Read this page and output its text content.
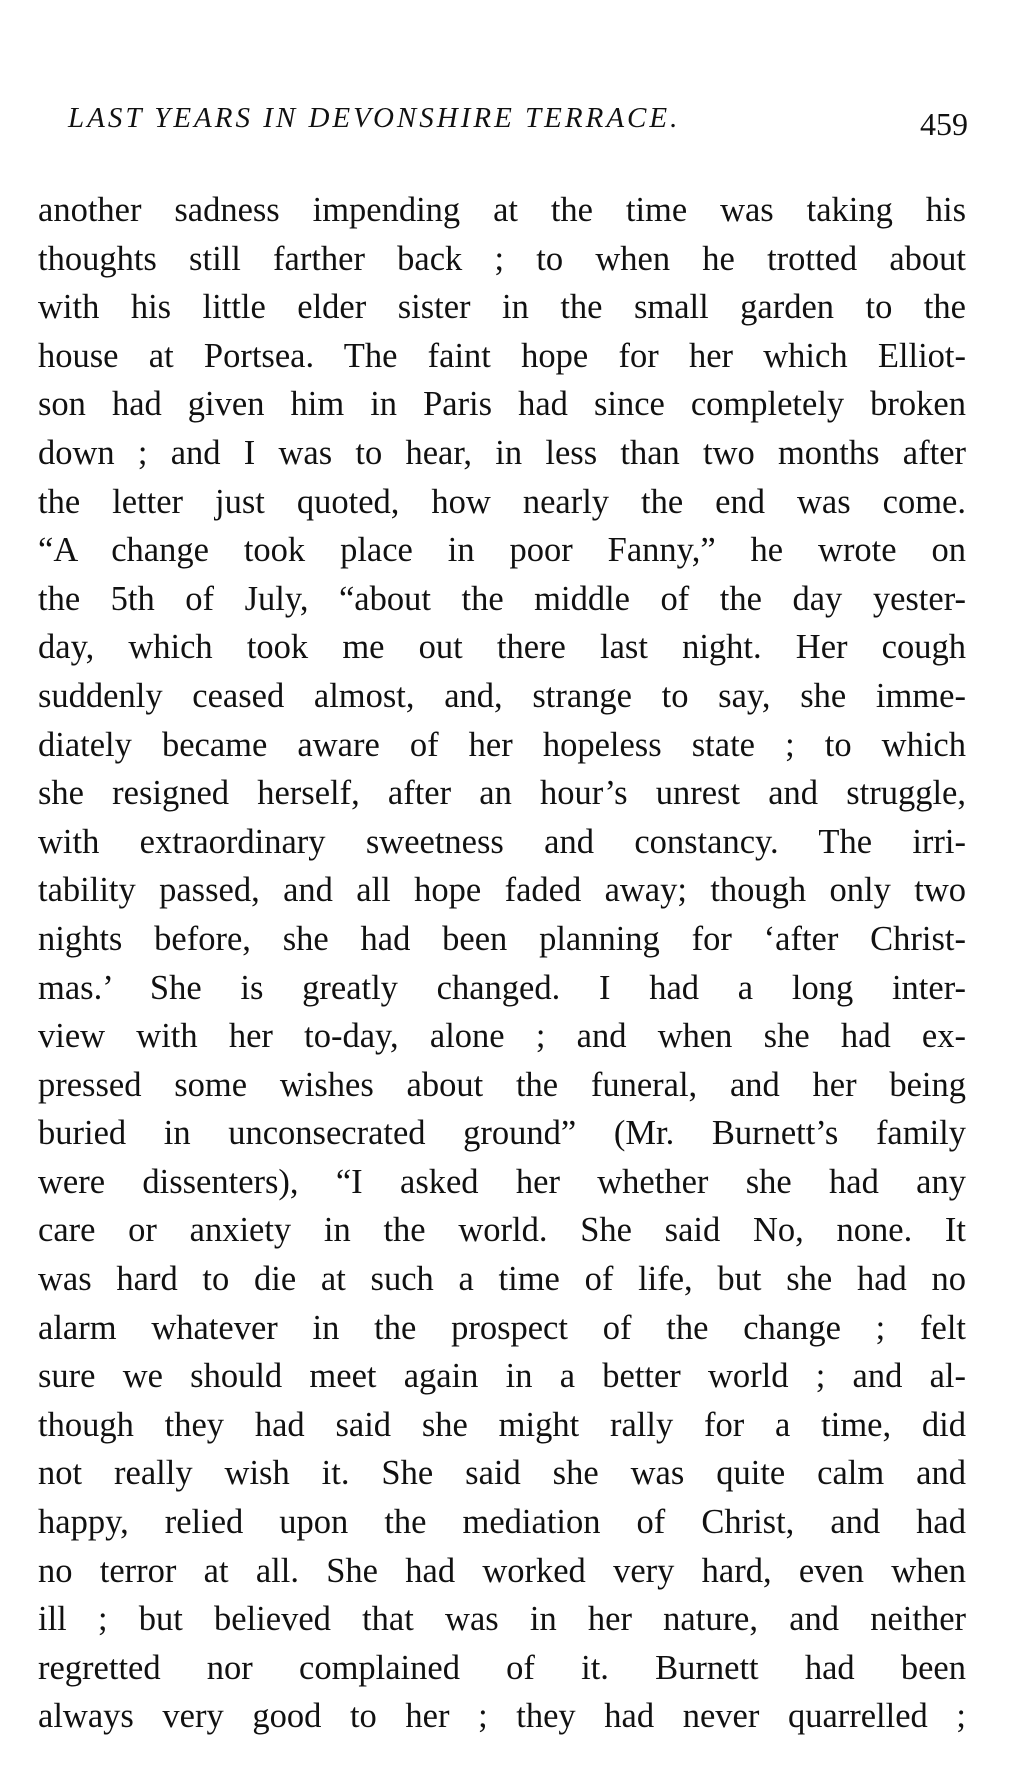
LAST YEARS IN DEVONSHIRE TERRACE.	459
another sadness impending at the time was taking his
thoughts still farther back ; to when he trotted about
with his little elder sister in the small garden to the
house at Portsea. The faint hope for her which Elliot-
son had given him in Paris had since completely broken
down ; and I was to hear, in less than two months after
the letter just quoted, how nearly the end was come.
“A change took place in poor Fanny,” he wrote on
the 5th of July, “about the middle of the day yester-
day, which took me out there last night. Her cough
suddenly ceased almost, and, strange to say, she imme-
diately became aware of her hopeless state ; to which
she resigned herself, after an hour’s unrest and struggle,
with extraordinary sweetness and constancy. The irri-
tability passed, and all hope faded away; though only two
nights before, she had been planning for ‘after Christ-
mas.’ She is greatly changed. I had a long inter-
view with her to-day, alone ; and when she had ex-
pressed some wishes about the funeral, and her being
buried in unconsecrated ground” (Mr. Burnett’s family
were dissenters), “I asked her whether she had any
care or anxiety in the world. She said No, none. It
was hard to die at such a time of life, but she had no
alarm whatever in the prospect of the change ; felt
sure we should meet again in a better world ; and al-
though they had said she might rally for a time, did
not really wish it. She said she was quite calm and
happy, relied upon the mediation of Christ, and had
no terror at all. She had worked very hard, even when
ill ; but believed that was in her nature, and neither
regretted nor complained of it. Burnett had been
always very good to her ; they had never quarrelled ;
